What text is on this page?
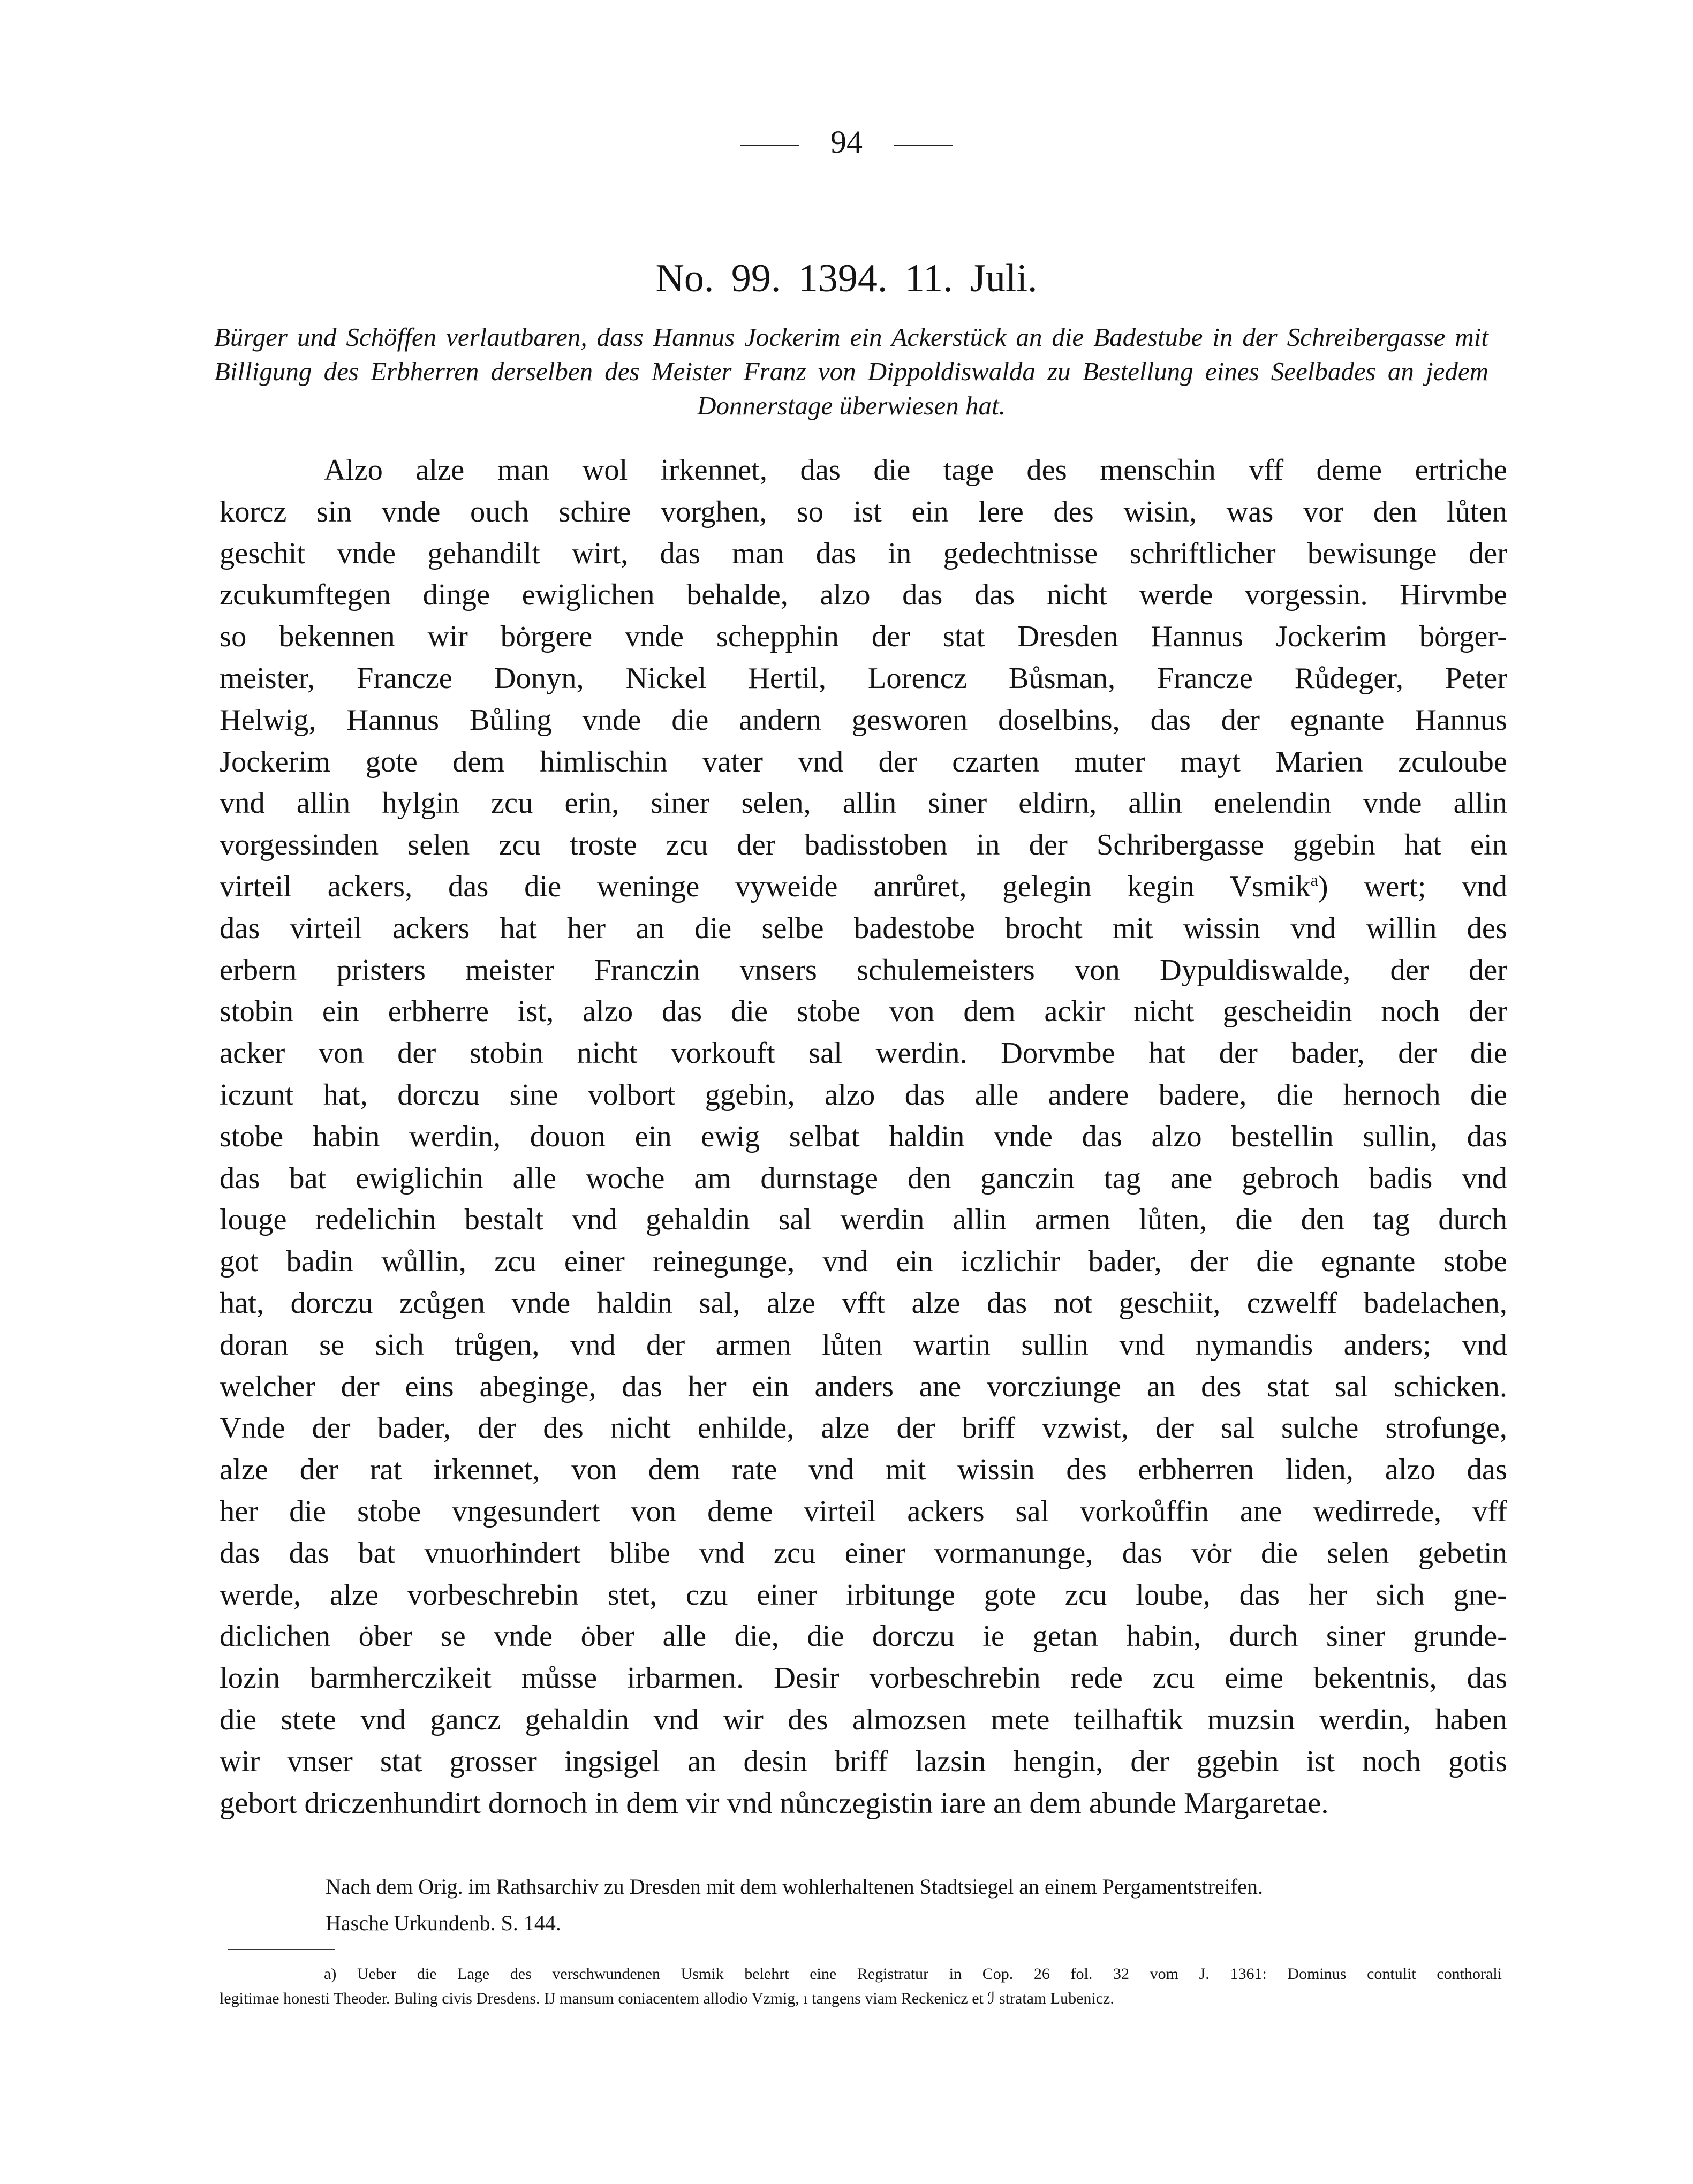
94
No. 99. 1394. 11. Juli.
Bürger und Schöffen verlautbaren, dass Hannus Jockerim ein Ackerstück an die Badestube in der Schreibergasse mit Billigung des Erbherren derselben des Meister Franz von Dippoldiswalda zu Bestellung eines Seelbades an jedem Donnerstage überwiesen hat.
Alzo alze man wol irkennet, das die tage des menschin vff deme ertriche
korcz sin vnde ouch schire vorghen, so ist ein lere des wisin, was vor den lůten
geschit vnde gehandilt wirt, das man das in gedechtnisse schriftlicher bewisunge der
zcukumftegen dinge ewiglichen behalde, alzo das das nicht werde vorgessin. Hirvmbe
so bekennen wir bȯrgere vnde schepphin der stat Dresden Hannus Jockerim bȯrger-
meister, Francze Donyn, Nickel Hertil, Lorencz Bůsman, Francze Růdeger, Peter
Helwig, Hannus Bůling vnde die andern gesworen doselbins, das der egnante Hannus
Jockerim gote dem himlischin vater vnd der czarten muter mayt Marien zculoube
vnd allin hylgin zcu erin, siner selen, allin siner eldirn, allin enelendin vnde allin
vorgessinden selen zcu troste zcu der badisstoben in der Schribergasse ggebin hat ein
virteil ackers, das die weninge vyweide anrůret, gelegin kegin Vsmik$^a$) wert; vnd
das virteil ackers hat her an die selbe badestobe brocht mit wissin vnd willin des
erbern pristers meister Franczin vnsers schulemeisters von Dypuldiswalde, der der
stobin ein erbherre ist, alzo das die stobe von dem ackir nicht gescheidin noch der
acker von der stobin nicht vorkouft sal werdin. Dorvmbe hat der bader, der die
iczunt hat, dorczu sine volbort ggebin, alzo das alle andere badere, die hernoch die
stobe habin werdin, douon ein ewig selbat haldin vnde das alzo bestellin sullin, das
das bat ewiglichin alle woche am durnstage den ganczin tag ane gebroch badis vnd
louge redelichin bestalt vnd gehaldin sal werdin allin armen lůten, die den tag durch
got badin wůllin, zcu einer reinegunge, vnd ein iczlichir bader, der die egnante stobe
hat, dorczu zcůgen vnde haldin sal, alze vfft alze das not geschiit, czwelff badelachen,
doran se sich trůgen, vnd der armen lůten wartin sullin vnd nymandis anders; vnd
welcher der eins abeginge, das her ein anders ane vorcziunge an des stat sal schicken.
Vnde der bader, der des nicht enhilde, alze der briff vzwist, der sal sulche strofunge,
alze der rat irkennet, von dem rate vnd mit wissin des erbherren liden, alzo das
her die stobe vngesundert von deme virteil ackers sal vorkoůffin ane wedirrede, vff
das das bat vnuorhindert blibe vnd zcu einer vormanunge, das vȯr die selen gebetin
werde, alze vorbeschrebin stet, czu einer irbitunge gote zcu loube, das her sich gne-
diclichen ȯber se vnde ȯber alle die, die dorczu ie getan habin, durch siner grunde-
lozin barmherczikeit můsse irbarmen. Desir vorbeschrebin rede zcu eime bekentnis, das
die stete vnd gancz gehaldin vnd wir des almozsen mete teilhaftik muzsin werdin, haben
wir vnser stat grosser ingsigel an desin briff lazsin hengin, der ggebin ist noch gotis
gebort driczenhundirt dornoch in dem vir vnd nůnczegistin iare an dem abunde Margaretae.
Nach dem Orig. im Rathsarchiv zu Dresden mit dem wohlerhaltenen Stadtsiegel an einem Pergamentstreifen.
Hasche Urkundenb. S. 144.
a) Ueber die Lage des verschwundenen Usmik belehrt eine Registratur in Cop. 26 fol. 32 vom J. 1361: Dominus contulit conthorali
legitimae honesti Theoder. Buling civis Dresdens. IJ mansum coniacentem allodio Vzmig, ı tangens viam Reckenicz et ℐ stratam Lubenicz.
